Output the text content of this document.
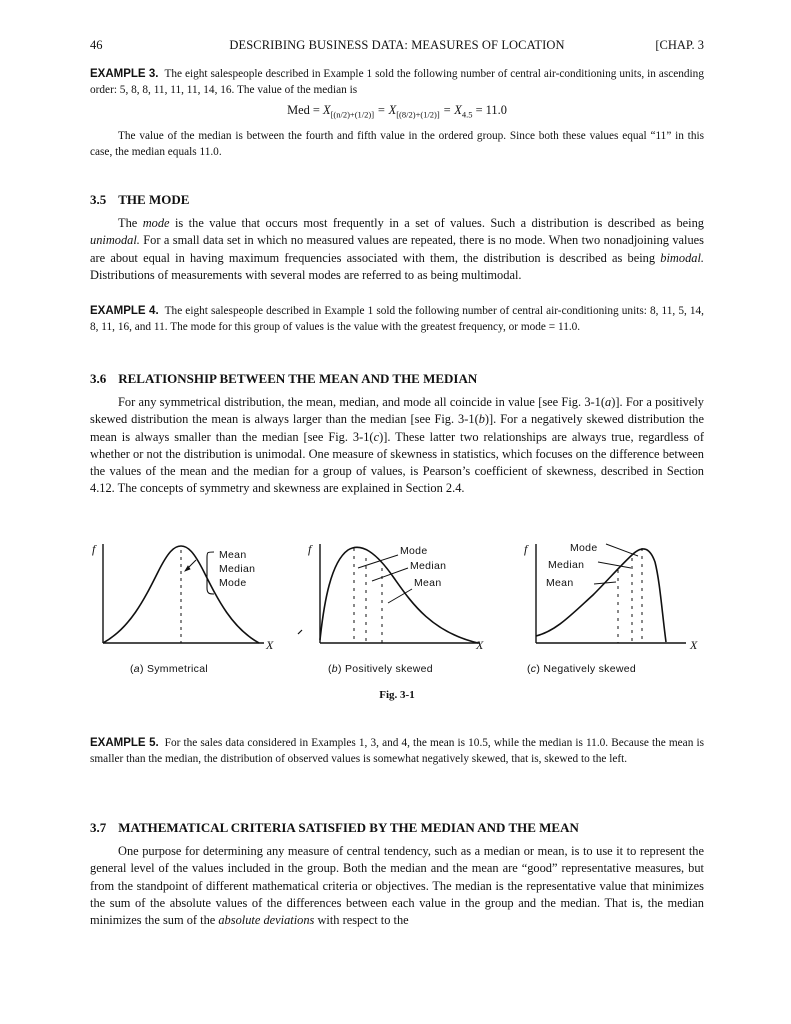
46	DESCRIBING BUSINESS DATA: MEASURES OF LOCATION	[CHAP. 3
EXAMPLE 3. The eight salespeople described in Example 1 sold the following number of central air-conditioning units, in ascending order: 5, 8, 8, 11, 11, 11, 14, 16. The value of the median is
Med = $X_{[(n/2)+(1/2)]} = X_{[(8/2)+(1/2)]} = X_{4.5} = 11.0$
The value of the median is between the fourth and fifth value in the ordered group. Since both these values equal “11” in this case, the median equals 11.0.
3.5 THE MODE
The mode is the value that occurs most frequently in a set of values. Such a distribution is described as being unimodal. For a small data set in which no measured values are repeated, there is no mode. When two nonadjoining values are about equal in having maximum frequencies associated with them, the distribution is described as being bimodal. Distributions of measurements with several modes are referred to as being multimodal.
EXAMPLE 4. The eight salespeople described in Example 1 sold the following number of central air-conditioning units: 8, 11, 5, 14, 8, 11, 16, and 11. The mode for this group of values is the value with the greatest frequency, or mode = 11.0.
3.6 RELATIONSHIP BETWEEN THE MEAN AND THE MEDIAN
For any symmetrical distribution, the mean, median, and mode all coincide in value [see Fig. 3-1(a)]. For a positively skewed distribution the mean is always larger than the median [see Fig. 3-1(b)]. For a negatively skewed distribution the mean is always smaller than the median [see Fig. 3-1(c)]. These latter two relationships are always true, regardless of whether or not the distribution is unimodal. One measure of skewness in statistics, which focuses on the difference between the values of the mean and the median for a group of values, is Pearson’s coefficient of skewness, described in Section 4.12. The concepts of symmetry and skewness are explained in Section 2.4.
f
X
f
X
f
X
Mean
Median
Mode
Mode
Median
Mean
Mode
Median
Mean
(a) Symmetrical	(b) Positively skewed	(c) Negatively skewed
Fig. 3-1
EXAMPLE 5. For the sales data considered in Examples 1, 3, and 4, the mean is 10.5, while the median is 11.0. Because the mean is smaller than the median, the distribution of observed values is somewhat negatively skewed, that is, skewed to the left.
3.7 MATHEMATICAL CRITERIA SATISFIED BY THE MEDIAN AND THE MEAN
One purpose for determining any measure of central tendency, such as a median or mean, is to use it to represent the general level of the values included in the group. Both the median and the mean are “good” representative measures, but from the standpoint of different mathematical criteria or objectives. The median is the representative value that minimizes the sum of the absolute values of the differences between each value in the group and the median. That is, the median minimizes the sum of the absolute deviations with respect to the
